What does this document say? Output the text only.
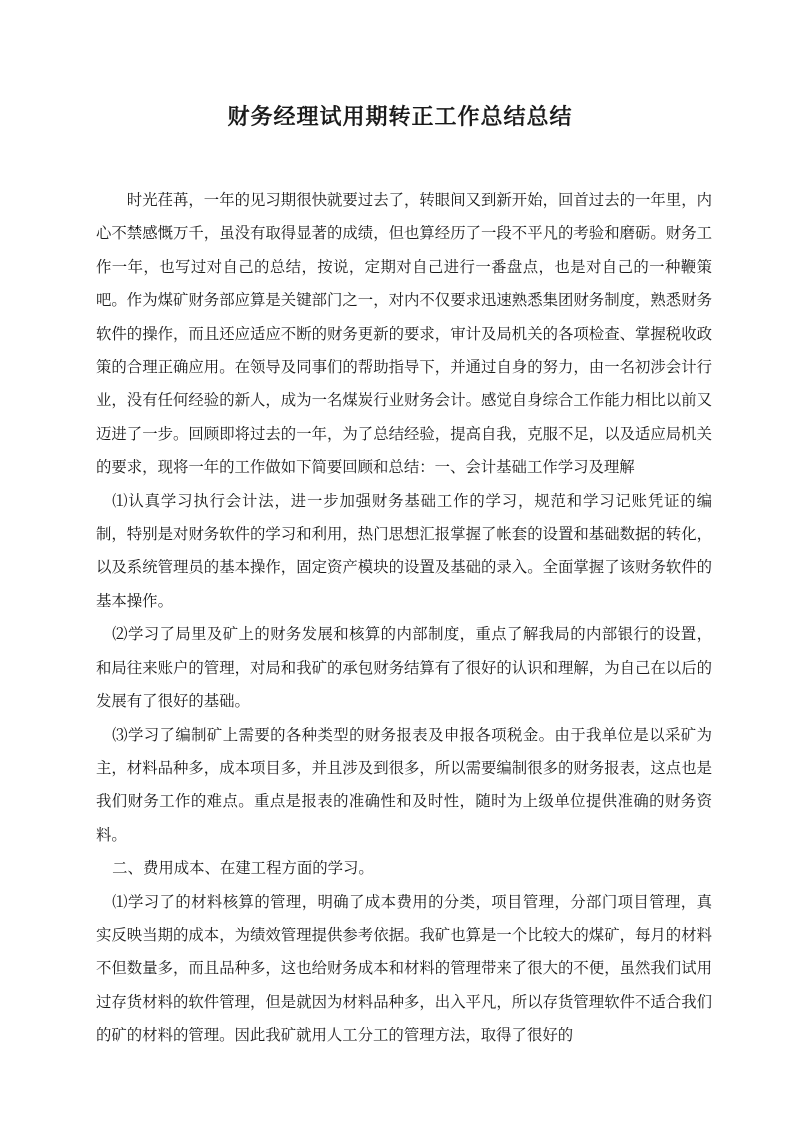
财务经理试用期转正工作总结总结

时光荏苒，一年的见习期很快就要过去了，转眼间又到新开始，回首过去的一年里，内心不禁感慨万千，虽没有取得显著的成绩，但也算经历了一段不平凡的考验和磨砺。财务工作一年，也写过对自己的总结，按说，定期对自己进行一番盘点，也是对自己的一种鞭策吧。作为煤矿财务部应算是关键部门之一，对内不仅要求迅速熟悉集团财务制度，熟悉财务软件的操作，而且还应适应不断的财务更新的要求，审计及局机关的各项检查、掌握税收政策的合理正确应用。在领导及同事们的帮助指导下，并通过自身的努力，由一名初涉会计行业，没有任何经验的新人，成为一名煤炭行业财务会计。感觉自身综合工作能力相比以前又迈进了一步。回顾即将过去的一年，为了总结经验，提高自我，克服不足，以及适应局机关的要求，现将一年的工作做如下简要回顾和总结：一、会计基础工作学习及理解

⑴认真学习执行会计法，进一步加强财务基础工作的学习，规范和学习记账凭证的编制，特别是对财务软件的学习和利用，热门思想汇报掌握了帐套的设置和基础数据的转化，以及系统管理员的基本操作，固定资产模块的设置及基础的录入。全面掌握了该财务软件的基本操作。

⑵学习了局里及矿上的财务发展和核算的内部制度，重点了解我局的内部银行的设置，和局往来账户的管理，对局和我矿的承包财务结算有了很好的认识和理解，为自己在以后的发展有了很好的基础。

⑶学习了编制矿上需要的各种类型的财务报表及申报各项税金。由于我单位是以采矿为主，材料品种多，成本项目多，并且涉及到很多，所以需要编制很多的财务报表，这点也是我们财务工作的难点。重点是报表的准确性和及时性，随时为上级单位提供准确的财务资料。

二、费用成本、在建工程方面的学习。

⑴学习了的材料核算的管理，明确了成本费用的分类，项目管理，分部门项目管理，真实反映当期的成本，为绩效管理提供参考依据。我矿也算是一个比较大的煤矿，每月的材料不但数量多，而且品种多，这也给财务成本和材料的管理带来了很大的不便，虽然我们试用过存货材料的软件管理，但是就因为材料品种多，出入平凡，所以存货管理软件不适合我们的矿的材料的管理。因此我矿就用人工分工的管理方法，取得了很好的
